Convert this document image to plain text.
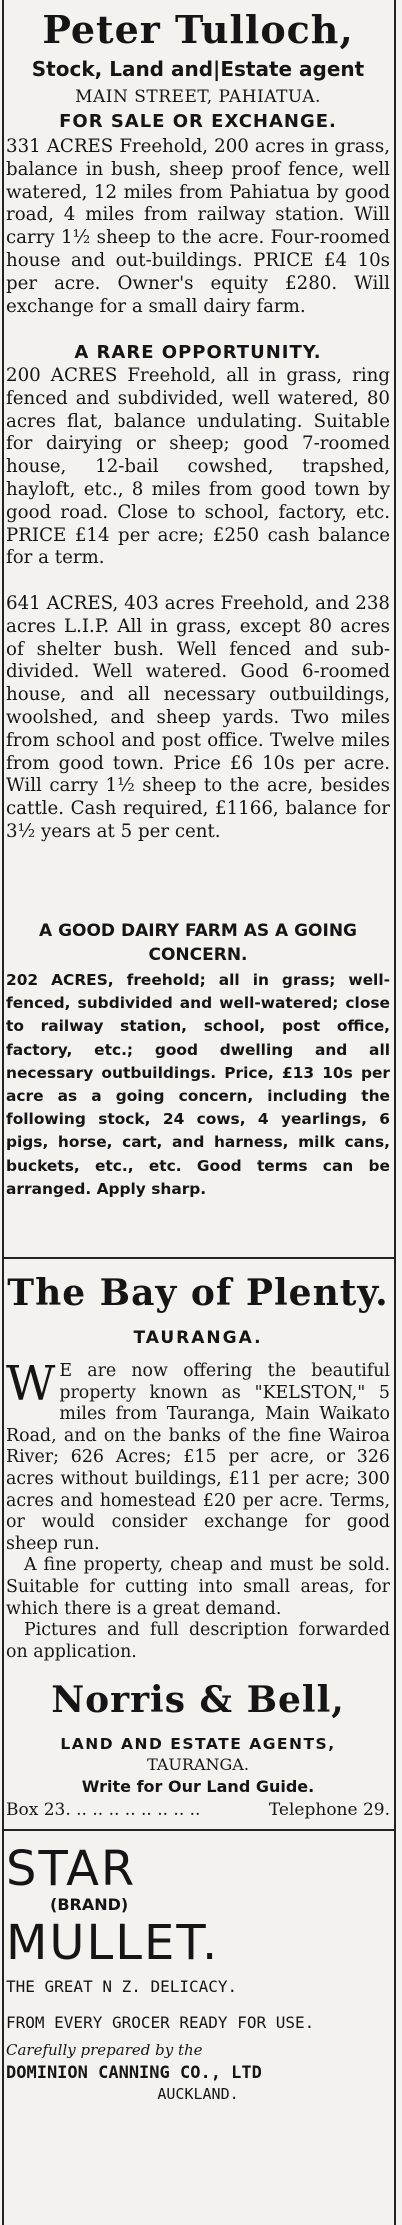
Peter Tulloch,
Stock, Land and|Estate agent
MAIN STREET, PAHIATUA.
FOR SALE OR EXCHANGE.
331 ACRES Freehold, 200 acres in grass, balance in bush, sheep proof fence, well watered, 12 miles from Pahiatua by good road, 4 miles from railway station. Will carry 1½ sheep to the acre. Four-roomed house and out-buildings. PRICE £4 10s per acre. Owner's equity £280. Will exchange for a small dairy farm.
A RARE OPPORTUNITY.
200 ACRES Freehold, all in grass, ring fenced and subdivided, well watered, 80 acres flat, balance undulating. Suitable for dairying or sheep; good 7-roomed house, 12-bail cowshed, trapshed, hayloft, etc., 8 miles from good town by good road. Close to school, factory, etc. PRICE £14 per acre; £250 cash balance for a term.
641 ACRES, 403 acres Freehold, and 238 acres L.I.P. All in grass, except 80 acres of shelter bush. Well fenced and sub-divided. Well watered. Good 6-roomed house, and all necessary outbuildings, woolshed, and sheep yards. Two miles from school and post office. Twelve miles from good town. Price £6 10s per acre. Will carry 1½ sheep to the acre, besides cattle. Cash required, £1166, balance for 3½ years at 5 per cent.
A GOOD DAIRY FARM AS A GOING CONCERN.
202 ACRES, freehold; all in grass; well-fenced, subdivided and well-watered; close to railway station, school, post office, factory, etc.; good dwelling and all necessary outbuildings. Price, £13 10s per acre as a going concern, including the following stock, 24 cows, 4 yearlings, 6 pigs, horse, cart, and harness, milk cans, buckets, etc., etc. Good terms can be arranged. Apply sharp.
The Bay of Plenty.
TAURANGA.
W E are now offering the beautiful property known as "KELSTON," 5 miles from Tauranga, Main Waikato Road, and on the banks of the fine Wairoa River; 626 Acres; £15 per acre, or 326 acres without buildings, £11 per acre; 300 acres and homestead £20 per acre. Terms, or would consider exchange for good sheep run.
A fine property, cheap and must be sold. Suitable for cutting into small areas, for which there is a great demand.
Pictures and full description forwarded on application.
Norris & Bell,
LAND AND ESTATE AGENTS,
TAURANGA.
Write for Our Land Guide.
Box 23. .. .. .. .. .. .. .. ..	Telephone 29.
STAR
(BRAND)
MULLET.
THE GREAT N Z. DELICACY.
FROM EVERY GROCER READY FOR USE.
Carefully prepared by the
DOMINION CANNING CO., LTD
AUCKLAND.
